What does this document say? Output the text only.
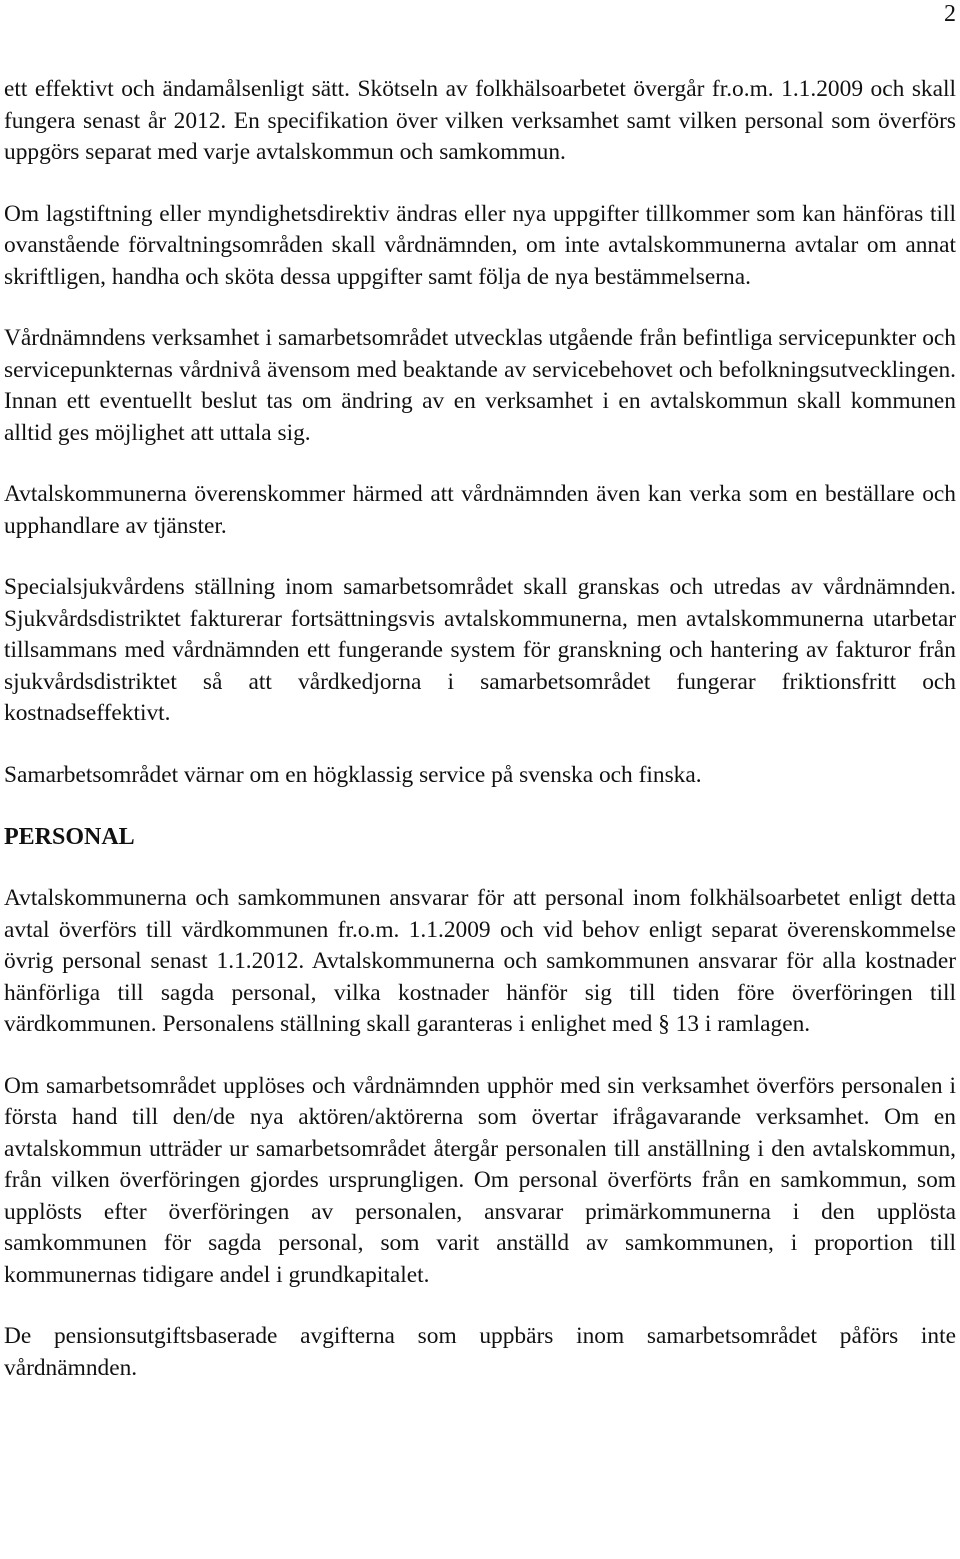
2

ett effektivt och ändamålsenligt sätt. Skötseln av folkhälsoarbetet övergår fr.o.m. 1.1.2009 och skall fungera senast år 2012. En specifikation över vilken verksamhet samt vilken personal som överförs uppgörs separat med varje avtalskommun och samkommun.

Om lagstiftning eller myndighetsdirektiv ändras eller nya uppgifter tillkommer som kan hänföras till ovanstående förvaltningsområden skall vårdnämnden, om inte avtalskommunerna avtalar om annat skriftligen, handha och sköta dessa uppgifter samt följa de nya bestämmelserna.

Vårdnämndens verksamhet i samarbetsområdet utvecklas utgående från befintliga servicepunkter och servicepunkternas vårdnivå ävensom med beaktande av servicebehovet och befolkningsutvecklingen. Innan ett eventuellt beslut tas om ändring av en verksamhet i en avtalskommun skall kommunen alltid ges möjlighet att uttala sig.

Avtalskommunerna överenskommer härmed att vårdnämnden även kan verka som en beställare och upphandlare av tjänster.

Specialsjukvårdens ställning inom samarbetsområdet skall granskas och utredas av vårdnämnden. Sjukvårdsdistriktet fakturerar fortsättningsvis avtalskommunerna, men avtalskommunerna utarbetar tillsammans med vårdnämnden ett fungerande system för granskning och hantering av fakturor från sjukvårdsdistriktet så att vårdkedjorna i samarbetsområdet fungerar friktionsfritt och kostnadseffektivt.

Samarbetsområdet värnar om en högklassig service på svenska och finska.

PERSONAL

Avtalskommunerna och samkommunen ansvarar för att personal inom folkhälsoarbetet enligt detta avtal överförs till värdkommunen fr.o.m. 1.1.2009 och vid behov enligt separat överenskommelse övrig personal senast 1.1.2012. Avtalskommunerna och samkommunen ansvarar för alla kostnader hänförliga till sagda personal, vilka kostnader hänför sig till tiden före överföringen till värdkommunen. Personalens ställning skall garanteras i enlighet med § 13 i ramlagen.

Om samarbetsområdet upplöses och vårdnämnden upphör med sin verksamhet överförs personalen i första hand till den/de nya aktören/aktörerna som övertar ifrågavarande verksamhet. Om en avtalskommun utträder ur samarbetsområdet återgår personalen till anställning i den avtalskommun, från vilken överföringen gjordes ursprungligen. Om personal överförts från en samkommun, som upplösts efter överföringen av personalen, ansvarar primärkommunerna i den upplösta samkommunen för sagda personal, som varit anställd av samkommunen, i proportion till kommunernas tidigare andel i grundkapitalet.

De pensionsutgiftsbaserade avgifterna som uppbärs inom samarbetsområdet påförs inte vårdnämnden.
